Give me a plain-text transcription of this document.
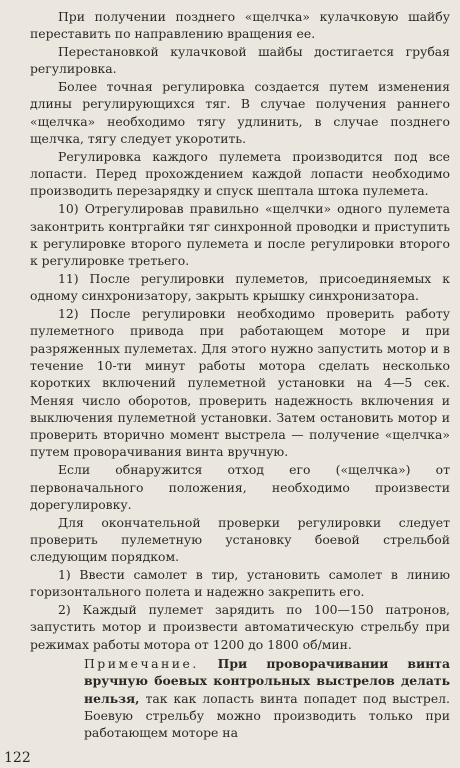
При получении позднего «щелчка» кулачковую шайбу переставить по направлению вращения ее.

Перестановкой кулачковой шайбы достигается грубая регулировка.

Более точная регулировка создается путем изменения длины регулирующихся тяг. В случае получения раннего «щелчка» необходимо тягу удлинить, в случае позднего щелчка, тягу следует укоротить.

Регулировка каждого пулемета производится под все лопасти. Перед прохождением каждой лопасти необходимо производить перезарядку и спуск шептала штока пулемета.

10) Отрегулировав правильно «щелчки» одного пулемета законтрить контргайки тяг синхронной проводки и приступить к регулировке второго пулемета и после регулировки второго к регулировке третьего.

11) После регулировки пулеметов, присоединяемых к одному синхронизатору, закрыть крышку синхронизатора.

12) После регулировки необходимо проверить работу пулеметного привода при работающем моторе и при разряженных пулеметах. Для этого нужно запустить мотор и в течение 10-ти минут работы мотора сделать несколько коротких включений пулеметной установки на 4—5 сек. Меняя число оборотов, проверить надежность включения и выключения пулеметной установки. Затем остановить мотор и проверить вторично момент выстрела — получение «щелчка» путем проворачивания винта вручную.

Если обнаружится отход его («щелчка») от первоначального положения, необходимо произвести дорегулировку.

Для окончательной проверки регулировки следует проверить пулеметную установку боевой стрельбой следующим порядком.

1) Ввести самолет в тир, установить самолет в линию горизонтального полета и надежно закрепить его.

2) Каждый пулемет зарядить по 100—150 патронов, запустить мотор и произвести автоматическую стрельбу при режимах работы мотора от 1200 до 1800 об/мин.

Примечание. При проворачивании винта вручную боевых контрольных выстрелов делать нельзя, так как лопасть винта попадет под выстрел. Боевую стрельбу можно производить только при работающем моторе на

122
